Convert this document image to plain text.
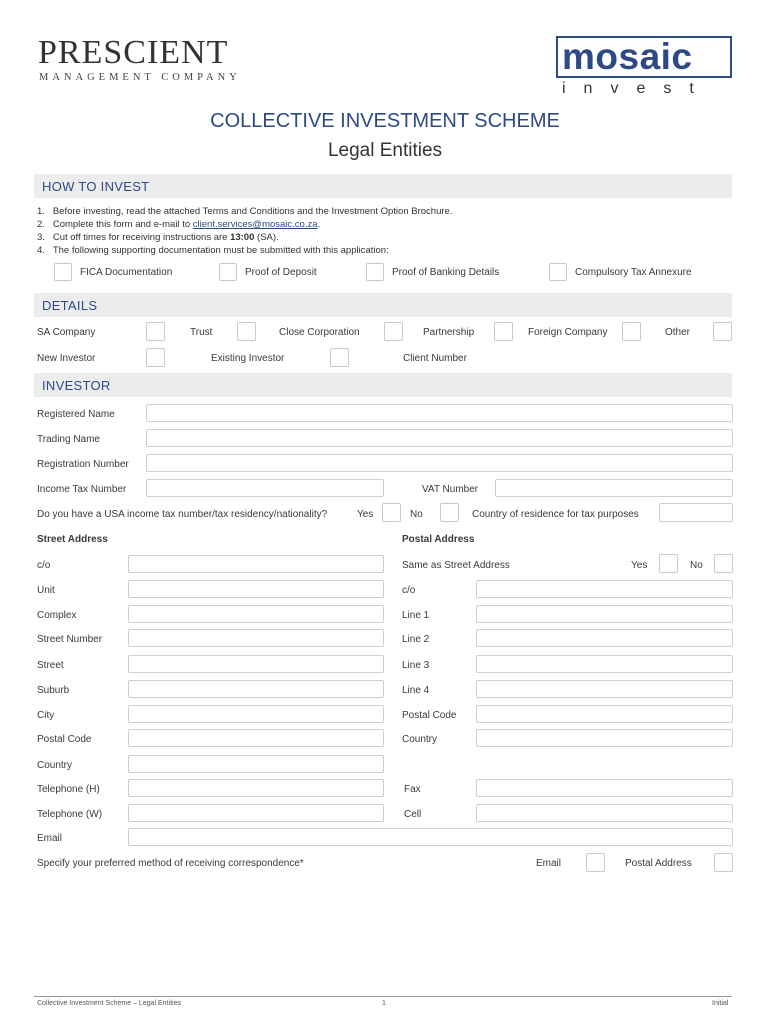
PRESCIENT
MANAGEMENT COMPANY
mosaic
invest
COLLECTIVE INVESTMENT SCHEME
Legal Entities
HOW TO INVEST
1.   Before investing, read the attached Terms and Conditions and the Investment Option Brochure.
2.   Complete this form and e-mail to client.services@mosaic.co.za.
3.   Cut off times for receiving instructions are 13:00 (SA).
4.   The following supporting documentation must be submitted with this application:
FICA Documentation	Proof of Deposit	Proof of Banking Details	Compulsory Tax Annexure
DETAILS
SA Company	Trust	Close Corporation	Partnership	Foreign Company	Other
New Investor	Existing Investor	Client Number
INVESTOR
Registered Name
Trading Name
Registration Number
Income Tax Number	VAT Number
Do you have a USA income tax number/tax residency/nationality?	Yes	No	Country of residence for tax purposes
Street Address	Postal Address
c/o
Unit
Complex
Street Number
Street
Suburb
City
Postal Code
Country
Same as Street Address	Yes	No
c/o
Line 1
Line 2
Line 3
Line 4
Postal Code
Country
Telephone (H)	Fax
Telephone (W)	Cell
Email
Specify your preferred method of receiving correspondence*	Email	Postal Address
Collective Investment Scheme – Legal Entities	1	Initial
